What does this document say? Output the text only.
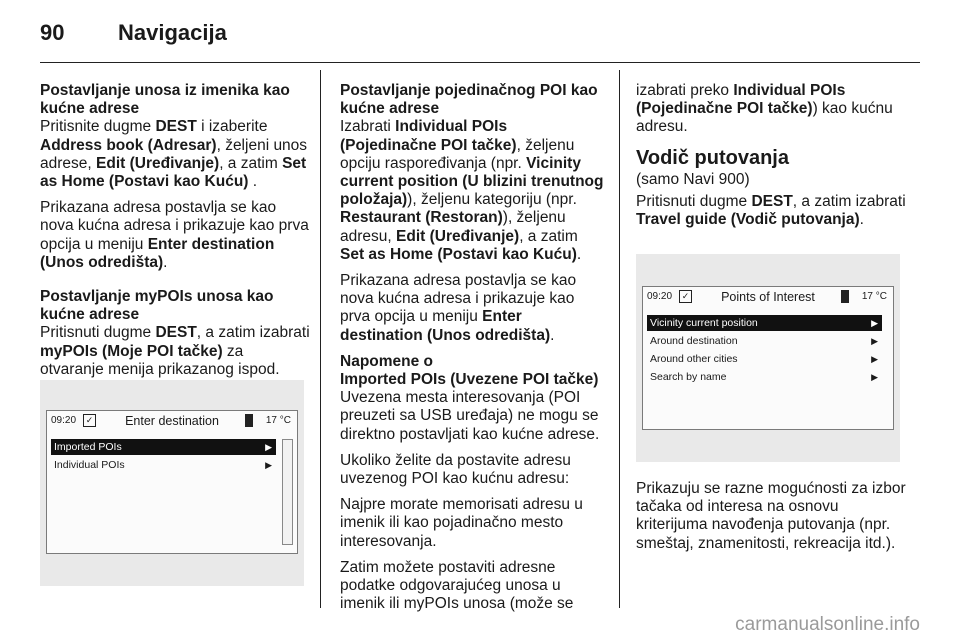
90 Navigacija

Postavljanje unosa iz imenika kao kućne adrese

Pritisnite dugme DEST i izaberite Address book (Adresar), željeni unos adrese, Edit (Uređivanje), a zatim Set as Home (Postavi kao Kuću) .

Prikazana adresa postavlja se kao nova kućna adresa i prikazuje kao prva opcija u meniju Enter destination (Unos odredišta).

Postavljanje myPOIs unosa kao kućne adrese

Pritisnuti dugme DEST, a zatim izabrati myPOIs (Moje POI tačke) za otvaranje menija prikazanog ispod.

09:20	✓	Enter destination	17 °C
Imported POIs	▶
Individual POIs	▶

Postavljanje pojedinačnog POI kao kućne adrese

Izabrati Individual POIs (Pojedinačne POI tačke), željenu opciju raspoređivanja (npr. Vicinity current position (U blizini trenutnog položaja)), željenu kategoriju (npr. Restaurant (Restoran)), željenu adresu, Edit (Uređivanje), a zatim Set as Home (Postavi kao Kuću).

Prikazana adresa postavlja se kao nova kućna adresa i prikazuje kao prva opcija u meniju Enter destination (Unos odredišta).

Napomene o

Imported POIs (Uvezene POI tačke)

Uvezena mesta interesovanja (POI preuzeti sa USB uređaja) ne mogu se direktno postavljati kao kućne adrese.

Ukoliko želite da postavite adresu uvezenog POI kao kućnu adresu:

Najpre morate memorisati adresu u imenik ili kao pojadinačno mesto interesovanja.

Zatim možete postaviti adresne podatke odgovarajućeg unosa u imenik ili myPOIs unosa (može se

izabrati preko Individual POIs (Pojedinačne POI tačke)) kao kućnu adresu.

Vodič putovanja

(samo Navi 900)

Pritisnuti dugme DEST, a zatim izabrati Travel guide (Vodič putovanja).

09:20	✓	Points of Interest	17 °C
Vicinity current position	▶
Around destination	▶
Around other cities	▶
Search by name	▶

Prikazuju se razne mogućnosti za izbor tačaka od interesa na osnovu kriterijuma navođenja putovanja (npr. smeštaj, znamenitosti, rekreacija itd.).

carmanualsonline.info
